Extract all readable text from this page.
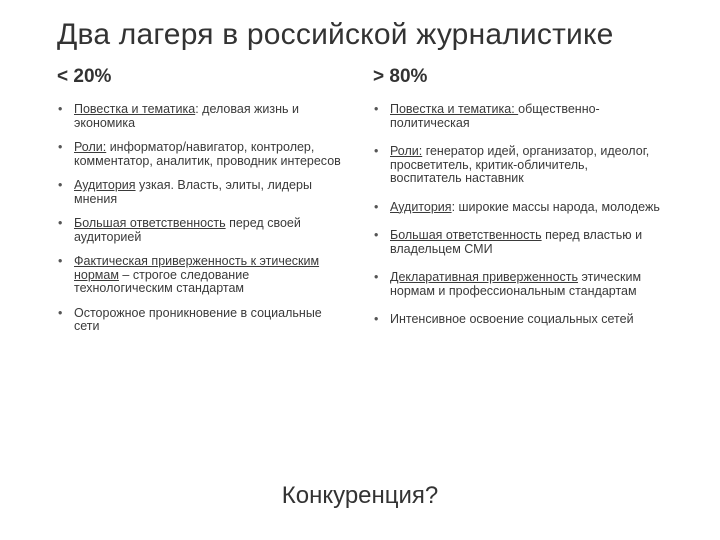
Два лагеря в российской журналистике
< 20%	> 80%
• Повестка и тематика: деловая жизнь и экономика
• Роли: информатор/навигатор, контролер, комментатор, аналитик, проводник интересов
• Аудитория узкая. Власть, элиты, лидеры мнения
• Большая ответственность перед своей аудиторией
• Фактическая приверженность к этическим нормам – строгое следование технологическим стандартам
• Осторожное проникновение в социальные сети
• Повестка и тематика: общественно-политическая
• Роли: генератор идей, организатор, идеолог, просветитель, критик-обличитель, воспитатель наставник
• Аудитория: широкие массы народа, молодежь
• Большая ответственность перед властью и владельцем СМИ
• Декларативная приверженность этическим нормам и профессиональным стандартам
• Интенсивное освоение социальных сетей
Конкуренция?
